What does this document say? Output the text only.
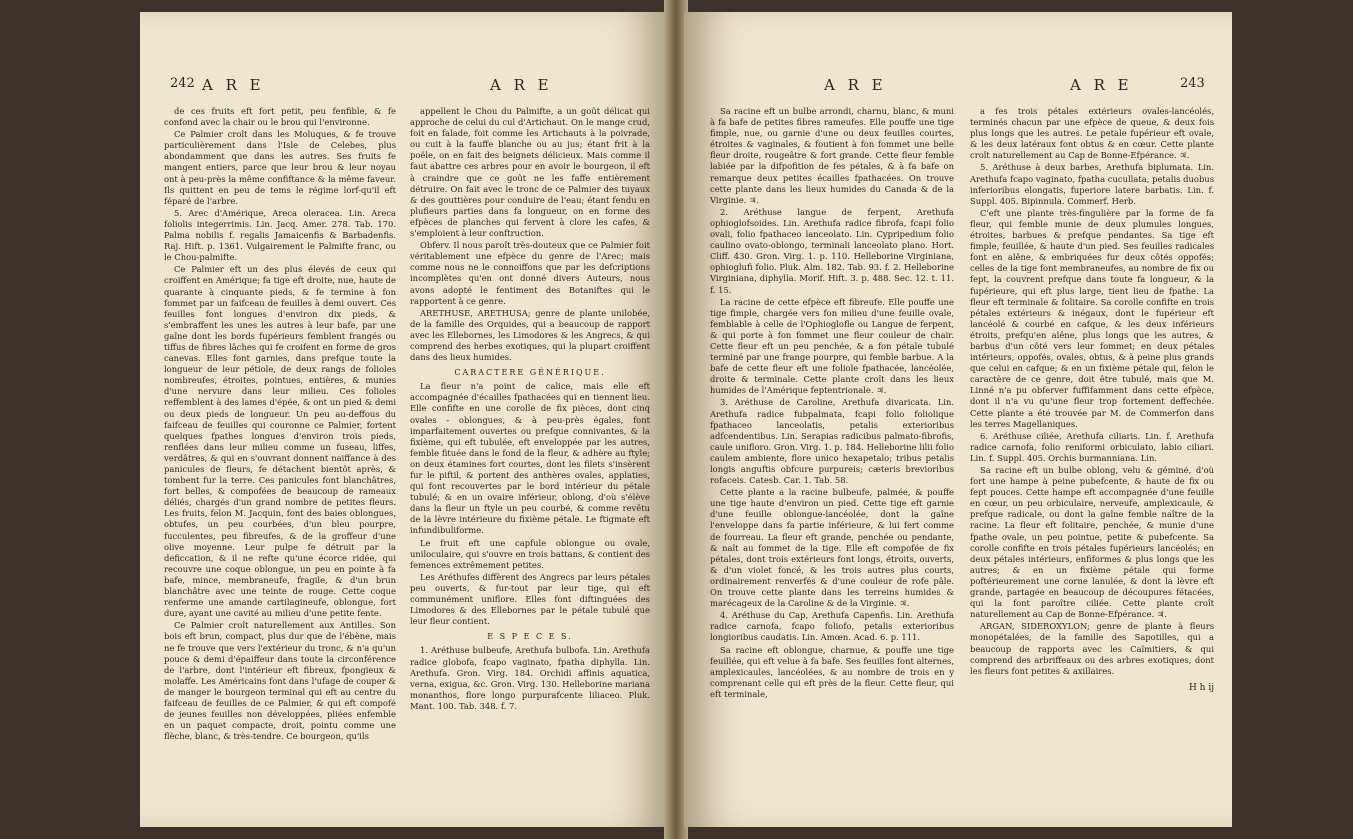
242 A R E	A R E

de ces fruits eft fort petit, peu fenfible, & fe confond avec la chair ou le brou qui l'environne.

Ce Palmier croît dans les Moluques, & fe trouve particulièrement dans l'Isle de Celebes, plus abondamment que dans les autres. Ses fruits fe mangent entiers, parce que leur brou & leur noyau ont à peu-près la même confiftance & la même faveur. Ils quittent en peu de tems le régime lorf-qu'il eft féparé de l'arbre.

5. Arec d'Amérique, Areca oleracea. Lin. Areca foliolis integerrimis. Lin. Jacq. Amer. 278. Tab. 170. Palma nobilis f. regalis Jamaicenfis & Barbadenfis. Raj. Hift. p. 1361. Vulgairement le Palmifte franc, ou le Chou-palmifte.

Ce Palmier eft un des plus élevés de ceux qui croiffent en Amérique; fa tige eft droite, nue, haute de quarante à cinquante pieds, & fe termine à fon fommet par un faifceau de feuilles à demi ouvert. Ces feuilles font longues d'environ dix pieds, & s'embraffent les unes les autres à leur bafe, par une gaîne dont les bords fupérieurs femblent frangés ou tiffus de fibres lâches qui fe croifent en forme de gros canevas. Elles font garnies, dans prefque toute la longueur de leur pétiole, de deux rangs de folioles nombreufes, étroites, pointues, entières, & munies d'une nervure dans leur milieu. Ces folioles reffemblent à des lames d'épée, & ont un pied & demi ou deux pieds de longueur. Un peu au-deffous du faifceau de feuilles qui couronne ce Palmier, fortent quelques fpathes longues d'environ trois pieds, renflées dans leur milieu comme un fuseau, liffes, verdâtres, & qui en s'ouvrant donnent naiffance à des panicules de fleurs, fe détachent bientôt après, & tombent fur la terre. Ces panicules font blanchâtres, fort belles, & compofées de beaucoup de rameaux déliés, chargés d'un grand nombre de petites fleurs. Les fruits, felon M. Jacquin, font des baies oblongues, obtufes, un peu courbées, d'un bleu pourpre, fucculentes, peu fibreufes, & de la groffeur d'une olive moyenne. Leur pulpe fe détruit par la deficcation, & il ne refte qu'une écorce ridée, qui recouvre une coque oblongue, un peu en pointe à fa bafe, mince, membraneufe, fragile, & d'un brun blanchâtre avec une teinte de rouge. Cette coque renferme une amande cartilagineufe, oblongue, fort dure, ayant une cavité au milieu d'une petite fente.

Ce Palmier croît naturellement aux Antilles. Son bois eft brun, compact, plus dur que de l'ébène, mais ne fe trouve que vers l'extérieur du tronc, & n'a qu'un pouce & demi d'épaiffeur dans toute la circonférence de l'arbre, dont l'intérieur eft fibreux, fpongieux & molaffe. Les Américains font dans l'ufage de couper & de manger le bourgeon terminal qui eft au centre du faifceau de feuilles de ce Palmier, & qui eft compofé de jeunes feuilles non développées, pliées enfemble en un paquet compacte, droit, pointu comme une flèche, blanc, & très-tendre. Ce bourgeon, qu'ils

appellent le Chou du Palmifte, a un goût délicat qui approche de celui du cul d'Artichaut. On le mange crud, foit en falade, foit comme les Artichauts à la poivrade, ou cuit à la fauffe blanche ou au jus; étant frit à la poële, on en fait des beignets délicieux. Mais comme il faut abattre ces arbres pour en avoir le bourgeon, il eft à craindre que ce goût ne les faffe entièrement détruire. On fait avec le tronc de ce Palmier des tuyaux & des gouttières pour conduire de l'eau; étant fendu en plufieurs parties dans fa longueur, on en forme des efpèces de planches qui fervent à clore les cafes, & s'emploient à leur conftruction.

Obferv. Il nous paroît très-douteux que ce Palmier foit véritablement une efpèce du genre de l'Arec; mais comme nous ne le connoiffons que par les defcriptions incomplètes qu'en ont donné divers Auteurs, nous avons adopté le fentiment des Botaniftes qui le rapportent à ce genre.

ARETHUSE, ARETHUSA; genre de plante unilobée, de la famille des Orquides, qui a beaucoup de rapport avec les Ellebornes, les Limodores & les Angrecs, & qui comprend des herbes exotiques, qui la plupart croiffent dans des lieux humides.

CARACTERE GÉNÉRIQUE.

La fleur n'a point de calice, mais elle eft accompagnée d'écailles fpathacées qui en tiennent lieu. Elle confifte en une corolle de fix pièces, dont cinq ovales - oblongues, & à peu-près égales, font imparfaitement ouvertes ou prefque connivantes, & la fixième, qui eft tubulée, eft enveloppée par les autres, femble fituée dans le fond de la fleur, & adhère au ftyle; on deux étamines fort courtes, dont les filets s'insèrent fur le piftil, & portent des anthères ovales, applaties, qui font recouvertes par le bord intérieur du pétale tubulé; & en un ovaire inférieur, oblong, d'où s'élève dans la fleur un ftyle un peu courbé, & comme revêtu de la lèvre intérieure du fixième pétale. Le ftigmate eft infundibuliforme.

Le fruit eft une capfule oblongue ou ovale, uniloculaire, qui s'ouvre en trois battans, & contient des femences extrêmement petites.

Les Aréthufes diffèrent des Angrecs par leurs pétales peu ouverts, & fur-tout par leur tige, qui eft communément uniflore. Elles font diftinguées des Limodores & des Ellebornes par le pétale tubulé que leur fleur contient.

E S P E C E S.

1. Aréthuse bulbeufe, Arethufa bulbofa. Lin. Arethufa radice globofa, fcapo vaginato, fpatha diphylla. Lin. Arethufa. Gron. Virg. 184. Orchidi affinis aquatica, verna, exigua, &c. Gron. Virg. 130. Helleborine mariana monanthos, flore longo purpurafcente liliaceo. Pluk. Mant. 100. Tab. 348. f. 7.

A R E	A R E	243

Sa racine eft un bulbe arrondi, charnu, blanc, & muni à fa bafe de petites fibres rameufes. Elle pouffe une tige fimple, nue, ou garnie d'une ou deux feuilles courtes, étroites & vaginales, & foutient à fon fommet une belle fleur droite, rougeâtre & fort grande. Cette fleur femble labiée par la difpofition de fes pétales, & à fa bafe on remarque deux petites écailles fpathacées. On trouve cette plante dans les lieux humides du Canada & de la Virginie. ♃.

2. Aréthuse langue de ferpent, Arethufa ophioglofsoides. Lin. Arethufa radice fibrofa, fcapi folio ovali, folio fpathaceo lanceolato. Lin. Cypripedium folio caulino ovato-oblongo, terminali lanceolato plano. Hort. Cliff. 430. Gron. Virg. 1. p. 110. Helleborine Virginiana, ophioglufi folio. Pluk. Alm. 182. Tab. 93. f. 2. Helleborine Virginiana, diphylla. Morif. Hift. 3. p. 488. Sec. 12. t. 11. f. 15.

La racine de cette efpèce eft fibreufe. Elle pouffe une tige fimple, chargée vers fon milieu d'une feuille ovale, femblable à celle de l'Ophioglofle ou Langue de ferpent, & qui porte à fon fommet une fleur couleur de chair. Cette fleur eft un peu penchée, & a fon pétale tubulé terminé par une frange pourpre, qui femble barbue. A la bafe de cette fleur eft une foliole fpathacée, lancéolée, droite & terminale. Cette plante croît dans les lieux humides de l'Amérique feptentrionale. ♃.

3. Aréthuse de Caroline, Arethufa divaricata. Lin. Arethufa radice fubpalmata, fcapi folio foliolique fpathaceo lanceolatis, petalis exterioribus adfcendentibus. Lin. Serapias radicibus palmato-fibrofis, caule unifloro. Gron. Virg. 1. p. 184. Helleborine lilii folio caulem ambiente, flore unico hexapetalo; tribus petalis longis anguftis obfcure purpureis; cæteris brevioribus rofaceis. Catesb. Car. 1. Tab. 58.

Cette plante a la racine bulbeufe, palmée, & pouffe une tige haute d'environ un pied. Cette tige eft garnie d'une feuille oblongue-lancéolée, dont la gaîne l'enveloppe dans fa partie inférieure, & lui fert comme de fourreau. La fleur eft grande, penchée ou pendante, & naît au fommet de la tige. Elle eft compofée de fix pétales, dont trois extérieurs font longs, étroits, ouverts, & d'un violet foncé, & les trois autres plus courts, ordinairement renverfés & d'une couleur de rofe pâle. On trouve cette plante dans les terreins humides & marécageux de la Caroline & de la Virginie. ♃.

4. Aréthuse du Cap, Arethufa Capenfis. Lin. Arethufa radice carnofa, fcapo foliofo, petalis exterioribus longioribus caudatis. Lin. Amœn. Acad. 6. p. 111.

Sa racine eft oblongue, charnue, & pouffe une tige feuillée, qui eft velue à fa bafe. Ses feuilles font alternes, amplexicaules, lancéolées, & au nombre de trois en y comprenant celle qui eft près de la fleur. Cette fleur, qui eft terminale,

a fes trois pétales extérieurs ovales-lancéolés, terminés chacun par une efpèce de queue, & deux fois plus longs que les autres. Le petale fupérieur eft ovale, & les deux latéraux font obtus & en cœur. Cette plante croît naturellement au Cap de Bonne-Efpérance. ♃.

5. Aréthuse à deux barbes, Arethufa biplumata. Lin. Arethufa fcapo vaginato, fpatha cucullata, petalis duobus inferioribus elongatis, fuperiore latere barbatis. Lin. f. Suppl. 405. Bipinnula. Commerf. Herb.

C'eft une plante très-fingulière par la forme de fa fleur, qui femble munie de deux plumules longues, étroites, barbues & prefque pendantes. Sa tige eft fimple, feuillée, & haute d'un pied. Ses feuilles radicales font en alêne, & embriquées fur deux côtés oppofés; celles de la tige font membraneufes, au nombre de fix ou fept, la couvrent prefque dans toute fa longueur, & la fupérieure, qui eft plus large, tient lieu de fpathe. La fleur eft terminale & folitaire. Sa corolle confifte en trois pétales extérieurs & inégaux, dont le fupérieur eft lancéolé & courbé en cafque, & les deux inférieurs étroits, prefqu'en alêne, plus longs que les autres, & barbus d'un côté vers leur fommet; en deux pétales intérieurs, oppofés, ovales, obtus, & à peine plus grands que celui en cafque; & en un fixième pétale qui, felon le caractère de ce genre, doit être tubulé, mais que M. Linné n'a pu obferver fuffifamment dans cette efpèce, dont il n'a vu qu'une fleur trop fortement deffechée. Cette plante a été trouvée par M. de Commerfon dans les terres Magellaniques.

6. Aréthuse ciliée, Arethufa ciliaris. Lin. f. Arethufa radice carnofa, folio reniformi orbiculato, labio ciliari. Lin. f. Suppl. 405. Orchis burmanniana. Lin.

Sa racine eft un bulbe oblong, velu & géminé, d'où fort une hampe à peine pubefcente, & haute de fix ou fept pouces. Cette hampe eft accompagnée d'une feuille en cœur, un peu orbiculaire, nerveufe, amplexicaule, & prefque radicale, ou dont la gaîne femble naître de la racine. La fleur eft folitaire, penchée, & munie d'une fpathe ovale, un peu pointue, petite & pubefcente. Sa corolle confifte en trois pétales fupérieurs lancéolés; en deux pétales intérieurs, enfiformes & plus longs que les autres; & en un fixième pétale qui forme poftérieurement une corne lanulée, & dont la lèvre eft grande, partagée en beaucoup de découpures fétacées, qui la font paroître ciliée. Cette plante croît naturellement au Cap de Bonne-Efpérance. ♃.

ARGAN, SIDEROXYLON; genre de plante à fleurs monopétalées, de la famille des Sapotilles, qui a beaucoup de rapports avec les Caïmitiers, & qui comprend des arbriffeaux ou des arbres exotiques, dont les fleurs font petites & axillaires.

H h ij
